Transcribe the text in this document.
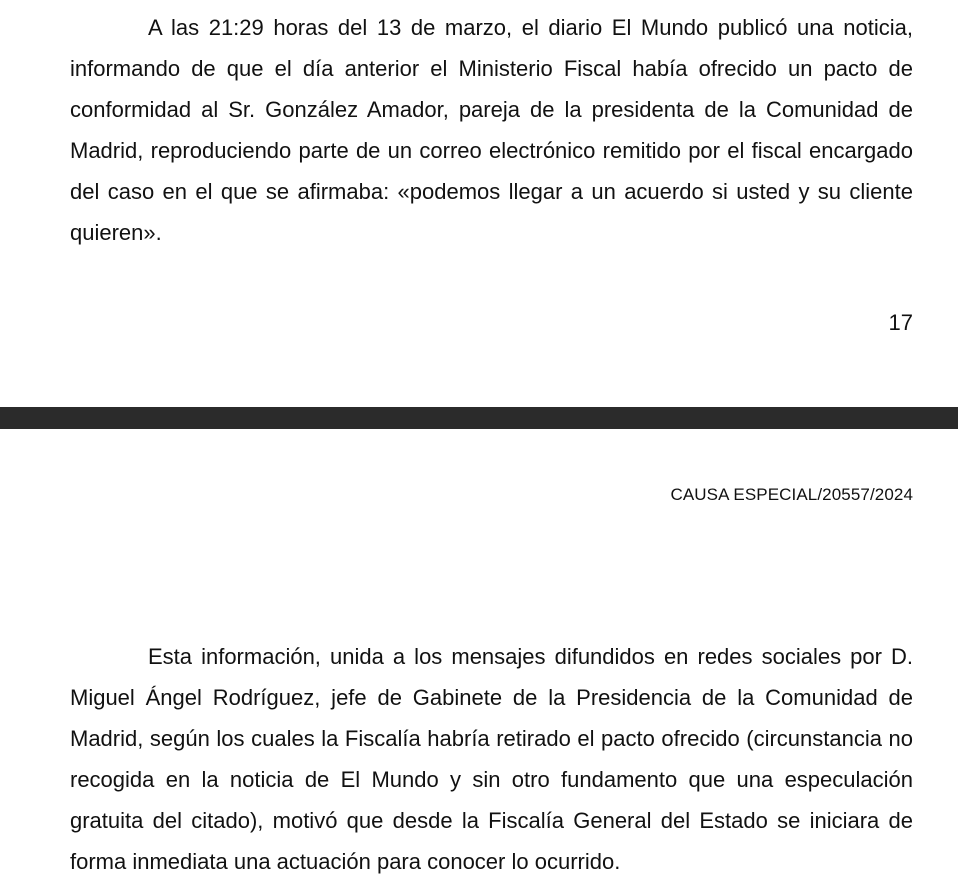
A las 21:29 horas del 13 de marzo, el diario El Mundo publicó una noticia, informando de que el día anterior el Ministerio Fiscal había ofrecido un pacto de conformidad al Sr. González Amador, pareja de la presidenta de la Comunidad de Madrid, reproduciendo parte de un correo electrónico remitido por el fiscal encargado del caso en el que se afirmaba: «podemos llegar a un acuerdo si usted y su cliente quieren».

17
CAUSA ESPECIAL/20557/2024

Esta información, unida a los mensajes difundidos en redes sociales por D. Miguel Ángel Rodríguez, jefe de Gabinete de la Presidencia de la Comunidad de Madrid, según los cuales la Fiscalía habría retirado el pacto ofrecido (circunstancia no recogida en la noticia de El Mundo y sin otro fundamento que una especulación gratuita del citado), motivó que desde la Fiscalía General del Estado se iniciara de forma inmediata una actuación para conocer lo ocurrido.
